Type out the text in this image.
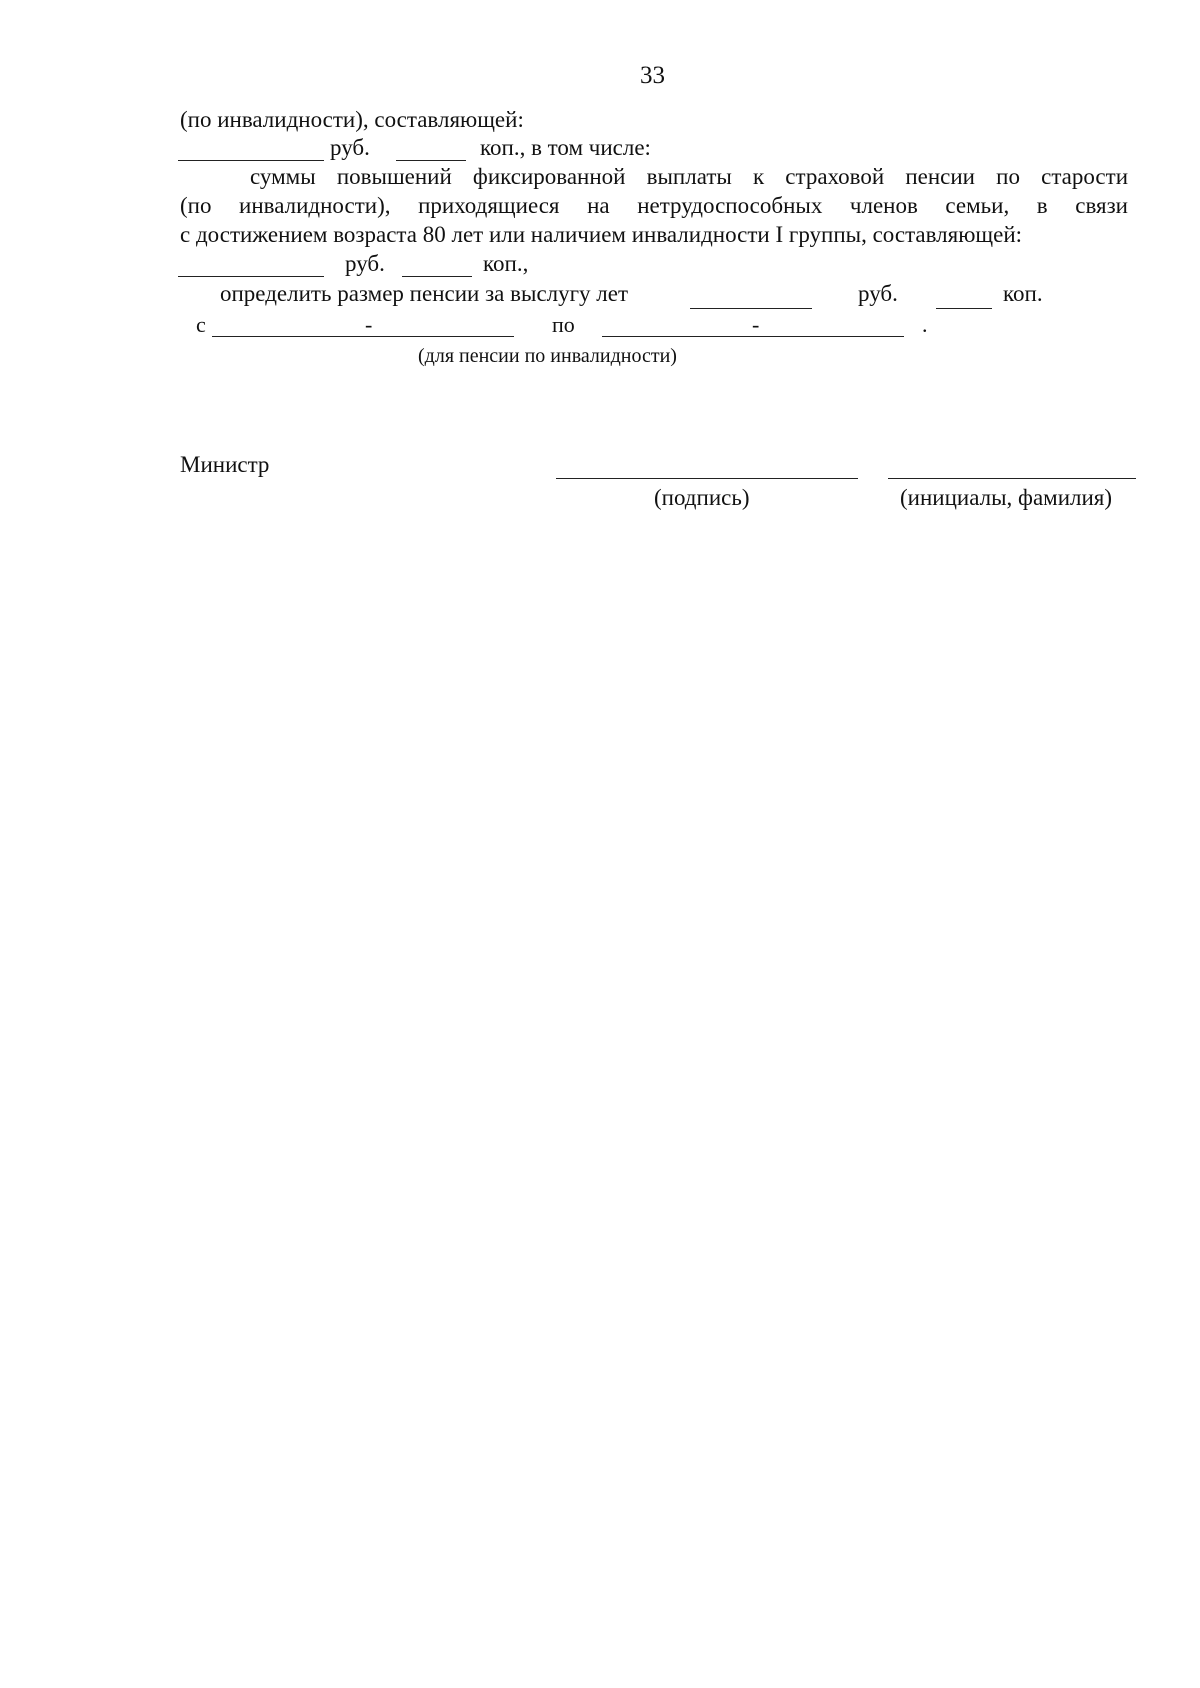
33
(по инвалидности), составляющей:
руб.	коп., в том числе:
суммы повышений фиксированной выплаты к страховой пенсии по старости
(по инвалидности), приходящиеся на нетрудоспособных членов семьи, в связи
с достижением возраста 80 лет или наличием инвалидности I группы, составляющей:
руб.	коп.,
определить размер пенсии за выслугу лет	руб.	коп.
с	-	по	-	.
(для пенсии по инвалидности)
Министр
(подпись)	(инициалы, фамилия)
